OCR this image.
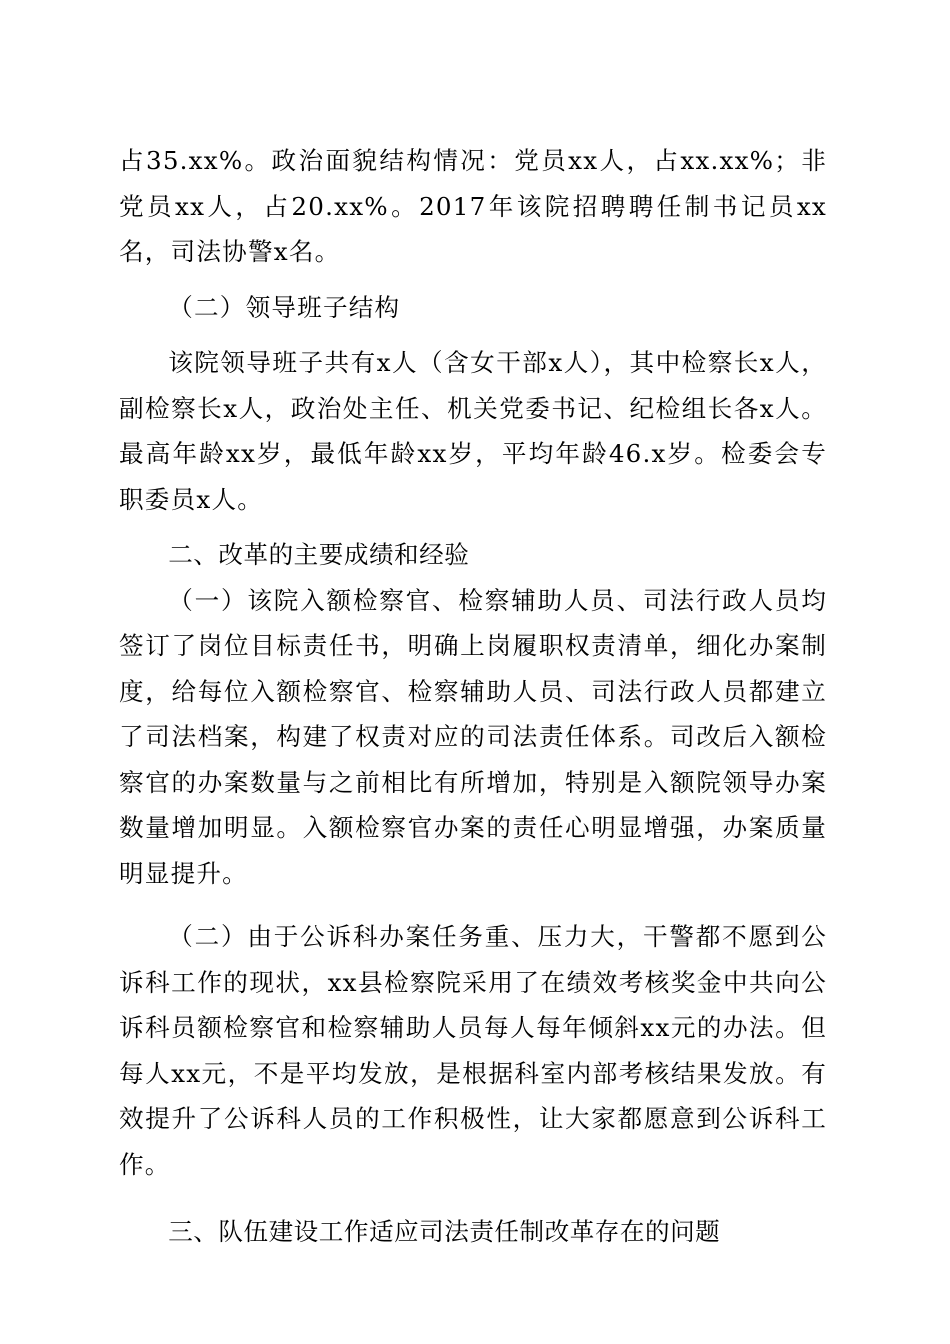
占35.xx%。政治面貌结构情况：党员xx人，占xx.xx%；非党员xx人，占20.xx%。2017年该院招聘聘任制书记员xx名，司法协警x名。

（二）领导班子结构

该院领导班子共有x人（含女干部x人），其中检察长x人，副检察长x人，政治处主任、机关党委书记、纪检组长各x人。最高年龄xx岁，最低年龄xx岁，平均年龄46.x岁。检委会专职委员x人。

二、改革的主要成绩和经验

（一）该院入额检察官、检察辅助人员、司法行政人员均签订了岗位目标责任书，明确上岗履职权责清单，细化办案制度，给每位入额检察官、检察辅助人员、司法行政人员都建立了司法档案，构建了权责对应的司法责任体系。司改后入额检察官的办案数量与之前相比有所增加，特别是入额院领导办案数量增加明显。入额检察官办案的责任心明显增强，办案质量明显提升。

（二）由于公诉科办案任务重、压力大，干警都不愿到公诉科工作的现状，xx县检察院采用了在绩效考核奖金中共向公诉科员额检察官和检察辅助人员每人每年倾斜xx元的办法。但每人xx元，不是平均发放，是根据科室内部考核结果发放。有效提升了公诉科人员的工作积极性，让大家都愿意到公诉科工作。

三、队伍建设工作适应司法责任制改革存在的问题
